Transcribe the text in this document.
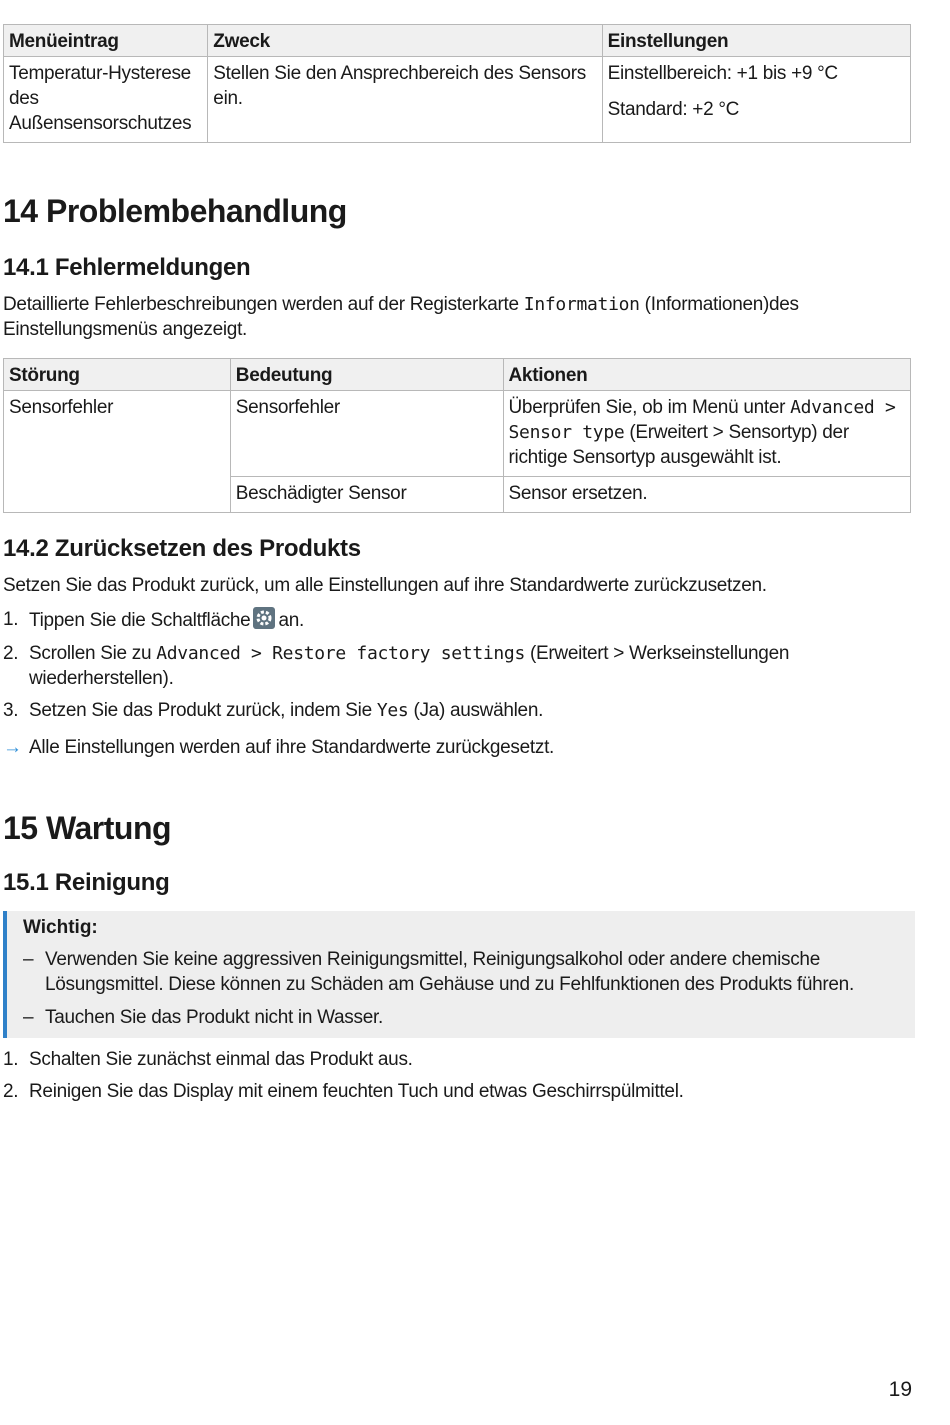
Menüeintrag	Zweck	Einstellungen
Temperatur-Hysterese des Außensensorschutzes	Stellen Sie den Ansprechbereich des Sensors ein.	Einstellbereich: +1 bis +9 °C

Standard: +2 °C

14 Problembehandlung
14.1 Fehlermeldungen

Detaillierte Fehlerbeschreibungen werden auf der Registerkarte Information (Informationen)des Einstellungsmenüs angezeigt.

Störung	Bedeutung	Aktionen
Sensorfehler	Sensorfehler	Überprüfen Sie, ob im Menü unter Advanced > Sensor type (Erweitert > Sensortyp) der richtige Sensortyp ausgewählt ist.
	Beschädigter Sensor	Sensor ersetzen.
14.2 Zurücksetzen des Produkts

Setzen Sie das Produkt zurück, um alle Einstellungen auf ihre Standardwerte zurückzusetzen.

1. Tippen Sie die Schaltfläche an.

2. Scrollen Sie zu Advanced > Restore factory settings (Erweitert > Werkseinstellungen wiederherstellen).

3. Setzen Sie das Produkt zurück, indem Sie Yes (Ja) auswählen.

→ Alle Einstellungen werden auf ihre Standardwerte zurückgesetzt.

15 Wartung
15.1 Reinigung

Wichtig:

– Verwenden Sie keine aggressiven Reinigungsmittel, Reinigungsalkohol oder andere chemische Lösungsmittel. Diese können zu Schäden am Gehäuse und zu Fehlfunktionen des Produkts führen.

– Tauchen Sie das Produkt nicht in Wasser.

1. Schalten Sie zunächst einmal das Produkt aus.

2. Reinigen Sie das Display mit einem feuchten Tuch und etwas Geschirrspülmittel.

19
